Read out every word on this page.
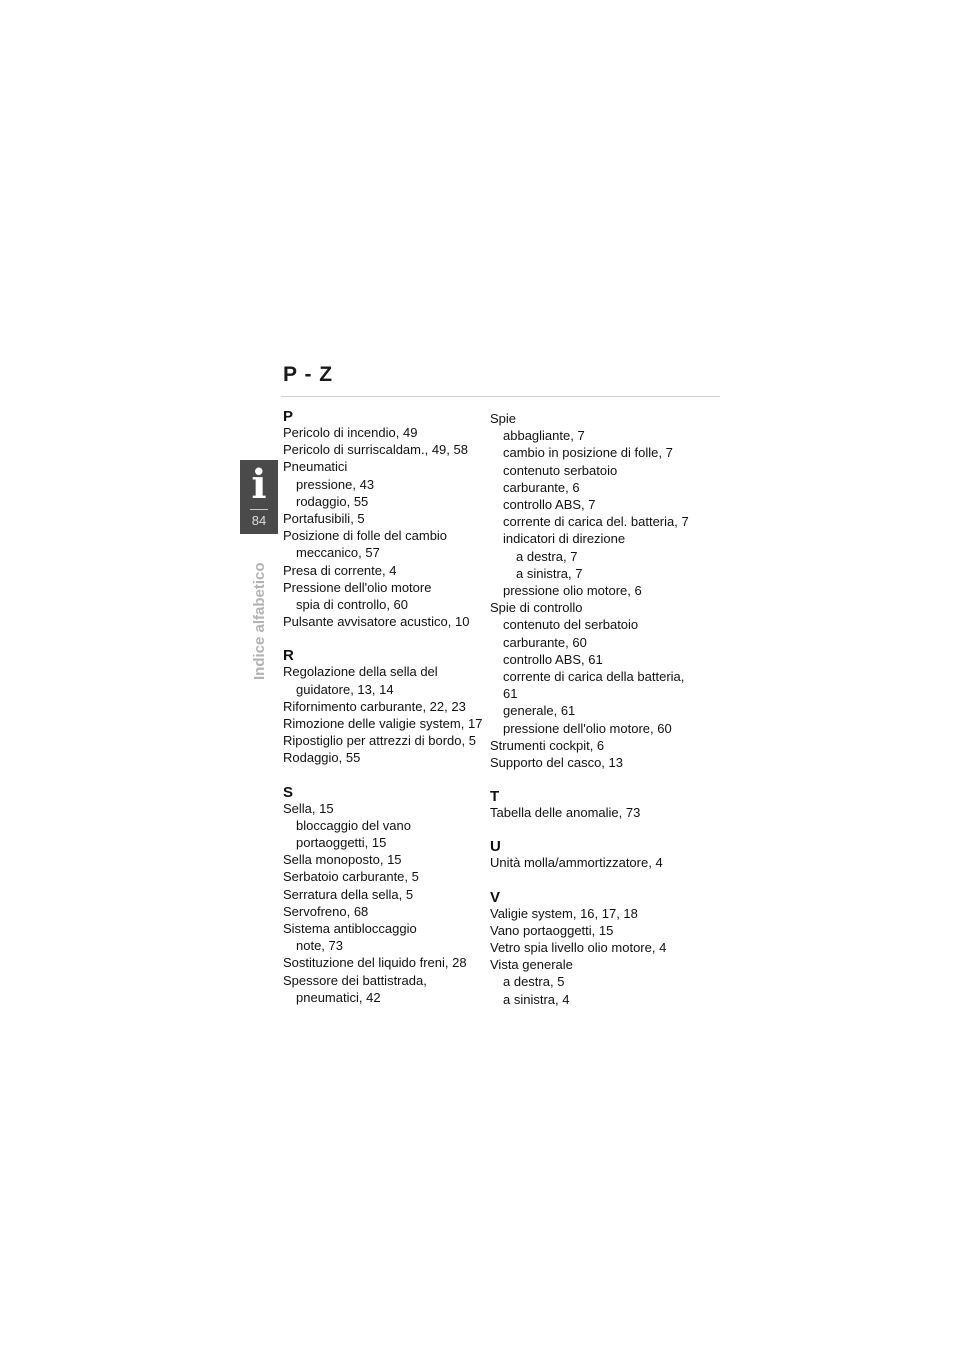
i
84
Indice alfabetico
P - Z
P
Pericolo di incendio, 49
Pericolo di surriscaldam., 49, 58
Pneumatici
pressione, 43
rodaggio, 55
Portafusibili, 5
Posizione di folle del cambio
meccanico, 57
Presa di corrente, 4
Pressione dell'olio motore
spia di controllo, 60
Pulsante avvisatore acustico, 10
R
Regolazione della sella del
guidatore, 13, 14
Rifornimento carburante, 22, 23
Rimozione delle valigie system, 17
Ripostiglio per attrezzi di bordo, 5
Rodaggio, 55
S
Sella, 15
bloccaggio del vano
portaoggetti, 15
Sella monoposto, 15
Serbatoio carburante, 5
Serratura della sella, 5
Servofreno, 68
Sistema antibloccaggio
note, 73
Sostituzione del liquido freni, 28
Spessore dei battistrada,
pneumatici, 42
Spie
abbagliante, 7
cambio in posizione di folle, 7
contenuto serbatoio
carburante, 6
controllo ABS, 7
corrente di carica del. batteria, 7
indicatori di direzione
a destra, 7
a sinistra, 7
pressione olio motore, 6
Spie di controllo
contenuto del serbatoio
carburante, 60
controllo ABS, 61
corrente di carica della batteria,
61
generale, 61
pressione dell'olio motore, 60
Strumenti cockpit, 6
Supporto del casco, 13
T
Tabella delle anomalie, 73
U
Unità molla/ammortizzatore, 4
V
Valigie system, 16, 17, 18
Vano portaoggetti, 15
Vetro spia livello olio motore, 4
Vista generale
a destra, 5
a sinistra, 4
